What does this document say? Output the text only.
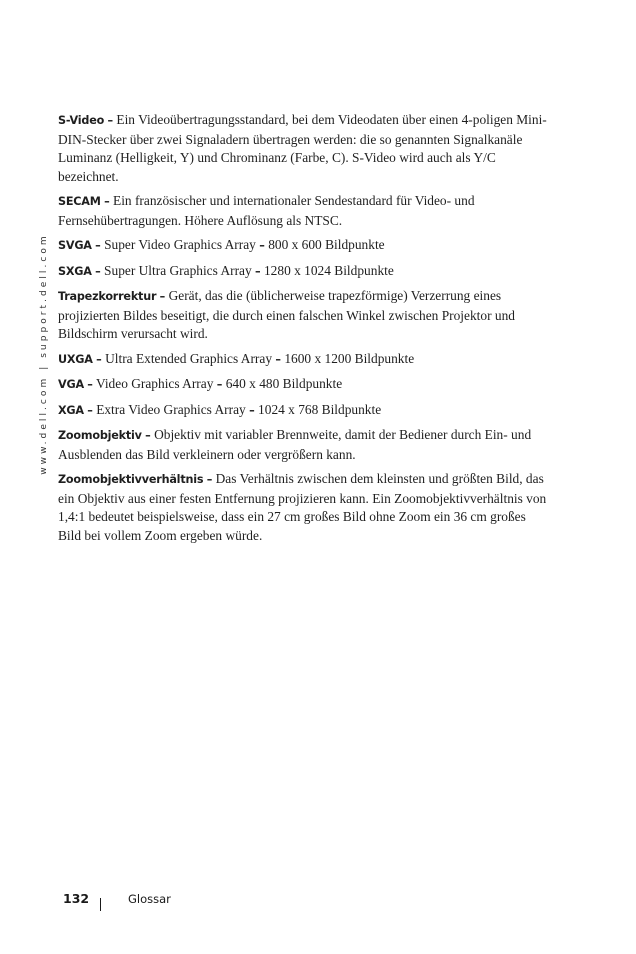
www.dell.com | support.dell.com

S-Video – Ein Videoübertragungsstandard, bei dem Videodaten über einen 4-poligen Mini-DIN-Stecker über zwei Signaladern übertragen werden: die so genannten Signalkanäle Luminanz (Helligkeit, Y) und Chrominanz (Farbe, C). S-Video wird auch als Y/C bezeichnet.

SECAM – Ein französischer und internationaler Sendestandard für Video- und Fernsehübertragungen. Höhere Auflösung als NTSC.

SVGA – Super Video Graphics Array – 800 x 600 Bildpunkte

SXGA – Super Ultra Graphics Array – 1280 x 1024 Bildpunkte

Trapezkorrektur – Gerät, das die (üblicherweise trapezförmige) Verzerrung eines projizierten Bildes beseitigt, die durch einen falschen Winkel zwischen Projektor und Bildschirm verursacht wird.

UXGA – Ultra Extended Graphics Array – 1600 x 1200 Bildpunkte

VGA – Video Graphics Array – 640 x 480 Bildpunkte

XGA – Extra Video Graphics Array – 1024 x 768 Bildpunkte

Zoomobjektiv – Objektiv mit variabler Brennweite, damit der Bediener durch Ein- und Ausblenden das Bild verkleinern oder vergrößern kann.

Zoomobjektivverhältnis – Das Verhältnis zwischen dem kleinsten und größten Bild, das ein Objektiv aus einer festen Entfernung projizieren kann. Ein Zoomobjektivverhältnis von 1,4:1 bedeutet beispielsweise, dass ein 27 cm großes Bild ohne Zoom ein 36 cm großes Bild bei vollem Zoom ergeben würde.

132	Glossar
